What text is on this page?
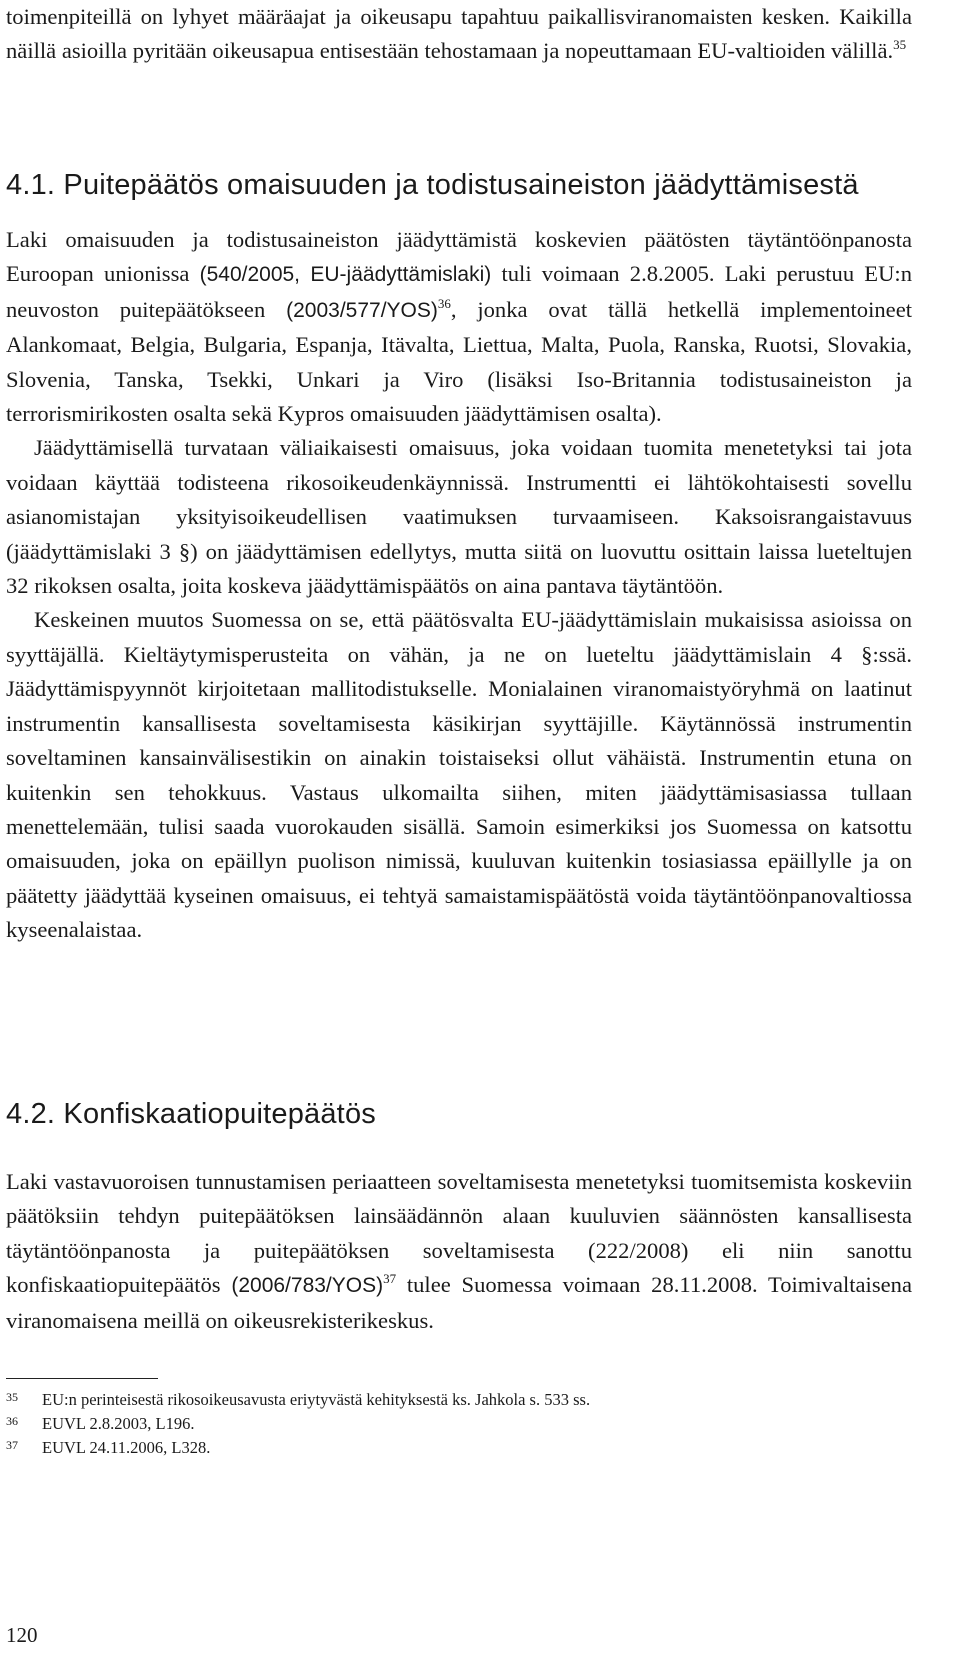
toimenpiteillä on lyhyet määräajat ja oikeusapu tapahtuu paikallisviranomaisten kesken. Kaikilla näillä asioilla pyritään oikeusapua entisestään tehostamaan ja nopeuttamaan EU-valtioiden välillä.$^{35}$

4.1. Puitepäätös omaisuuden ja todistusaineiston jäädyttämisestä

Laki omaisuuden ja todistusaineiston jäädyttämistä koskevien päätösten täytäntöönpanosta Euroopan unionissa (540/2005, EU-jäädyttämislaki) tuli voimaan 2.8.2005. Laki perustuu EU:n neuvoston puitepäätökseen $(2003/577/YOS)^{36}$, jonka ovat tällä hetkellä implementoineet Alankomaat, Belgia, Bulgaria, Espanja, Itävalta, Liettua, Malta, Puola, Ranska, Ruotsi, Slovakia, Slovenia, Tanska, Tsekki, Unkari ja Viro (lisäksi Iso-Britannia todistusaineiston ja terrorismirikosten osalta sekä Kypros omaisuuden jäädyttämisen osalta).

Jäädyttämisellä turvataan väliaikaisesti omaisuus, joka voidaan tuomita menetetyksi tai jota voidaan käyttää todisteena rikosoikeudenkäynnissä. Instrumentti ei lähtökohtaisesti sovellu asianomistajan yksityisoikeudellisen vaatimuksen turvaamiseen. Kaksoisrangaistavuus (jäädyttämislaki 3 §) on jäädyttämisen edellytys, mutta siitä on luovuttu osittain laissa lueteltujen 32 rikoksen osalta, joita koskeva jäädyttämispäätös on aina pantava täytäntöön.

Keskeinen muutos Suomessa on se, että päätösvalta EU-jäädyttämislain mukaisissa asioissa on syyttäjällä. Kieltäytymisperusteita on vähän, ja ne on lueteltu jäädyttämislain 4 §:ssä. Jäädyttämispyynnöt kirjoitetaan mallitodistukselle. Monialainen viranomaistyöryhmä on laatinut instrumentin kansallisesta soveltamisesta käsikirjan syyttäjille. Käytännössä instrumentin soveltaminen kansainvälisestikin on ainakin toistaiseksi ollut vähäistä. Instrumentin etuna on kuitenkin sen tehokkuus. Vastaus ulkomailta siihen, miten jäädyttämisasiassa tullaan menettelemään, tulisi saada vuorokauden sisällä. Samoin esimerkiksi jos Suomessa on katsottu omaisuuden, joka on epäillyn puolison nimissä, kuuluvan kuitenkin tosiasiassa epäillylle ja on päätetty jäädyttää kyseinen omaisuus, ei tehtyä samaistamispäätöstä voida täytäntöönpanovaltiossa kyseenalaistaa.

4.2. Konfiskaatiopuitepäätös

Laki vastavuoroisen tunnustamisen periaatteen soveltamisesta menetetyksi tuomitsemista koskeviin päätöksiin tehdyn puitepäätöksen lainsäädännön alaan kuuluvien säännösten kansallisesta täytäntöönpanosta ja puitepäätöksen soveltamisesta (222/2008) eli niin sanottu konfiskaatiopuitepäätös $(2006/783/YOS)^{37}$ tulee Suomessa voimaan 28.11.2008. Toimivaltaisena viranomaisena meillä on oikeusrekisterikeskus.

35 EU:n perinteisestä rikosoikeusavusta eriytyvästä kehityksestä ks. Jahkola s. 533 ss.
36 EUVL 2.8.2003, L196.
37 EUVL 24.11.2006, L328.
120
